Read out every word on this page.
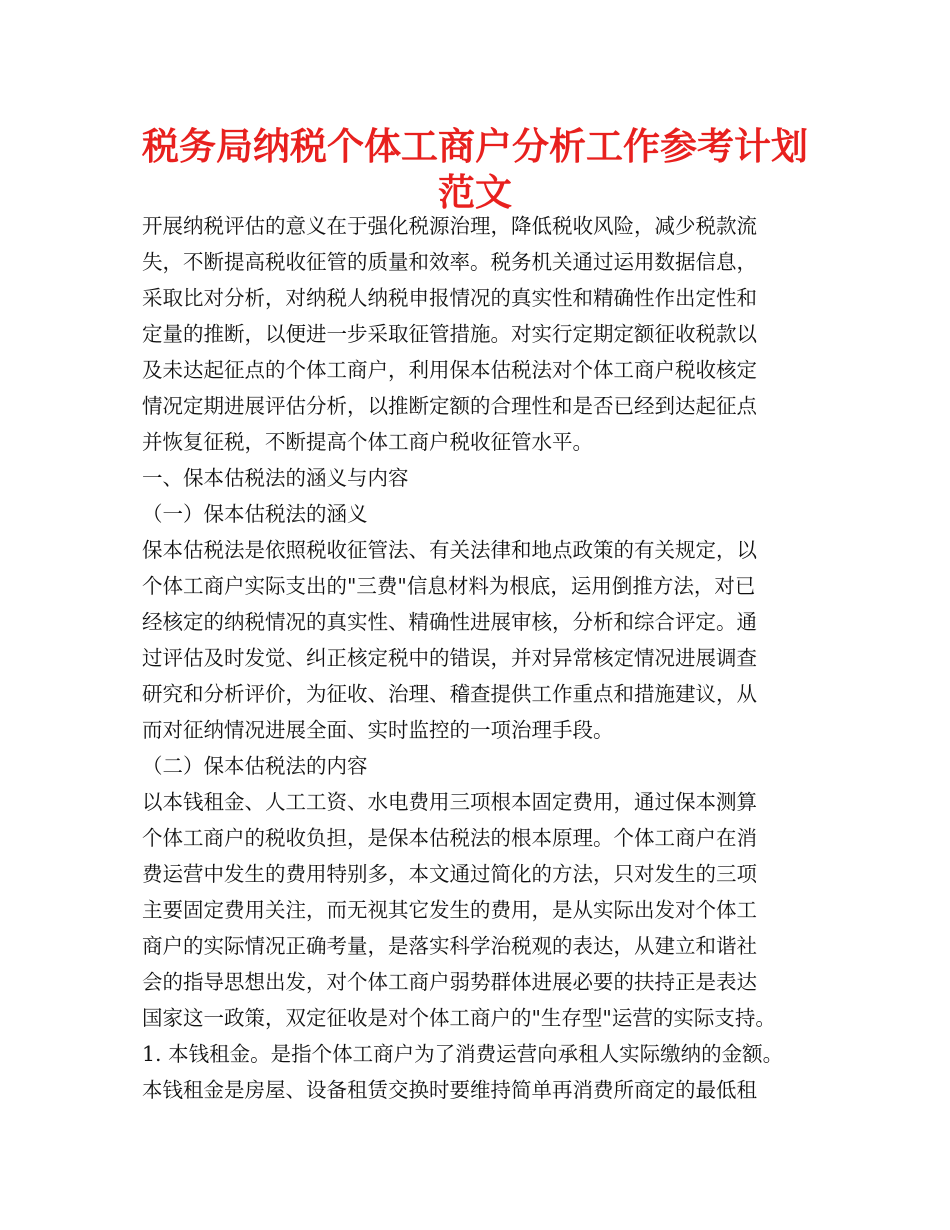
税务局纳税个体工商户分析工作参考计划
范文

开展纳税评估的意义在于强化税源治理，降低税收风险，减少税款流

失，不断提高税收征管的质量和效率。税务机关通过运用数据信息，

采取比对分析，对纳税人纳税申报情况的真实性和精确性作出定性和

定量的推断，以便进一步采取征管措施。对实行定期定额征收税款以

及未达起征点的个体工商户，利用保本估税法对个体工商户税收核定

情况定期进展评估分析，以推断定额的合理性和是否已经到达起征点

并恢复征税，不断提高个体工商户税收征管水平。

一、保本估税法的涵义与内容

（一）保本估税法的涵义

保本估税法是依照税收征管法、有关法律和地点政策的有关规定，以

个体工商户实际支出的"三费"信息材料为根底，运用倒推方法，对已

经核定的纳税情况的真实性、精确性进展审核，分析和综合评定。通

过评估及时发觉、纠正核定税中的错误，并对异常核定情况进展调查

研究和分析评价，为征收、治理、稽查提供工作重点和措施建议，从

而对征纳情况进展全面、实时监控的一项治理手段。

（二）保本估税法的内容

以本钱租金、人工工资、水电费用三项根本固定费用，通过保本测算

个体工商户的税收负担，是保本估税法的根本原理。个体工商户在消

费运营中发生的费用特别多，本文通过简化的方法，只对发生的三项

主要固定费用关注，而无视其它发生的费用，是从实际出发对个体工

商户的实际情况正确考量，是落实科学治税观的表达，从建立和谐社

会的指导思想出发，对个体工商户弱势群体进展必要的扶持正是表达

国家这一政策，双定征收是对个体工商户的"生存型"运营的实际支持。

1. 本钱租金。是指个体工商户为了消费运营向承租人实际缴纳的金额。

本钱租金是房屋、设备租赁交换时要维持简单再消费所商定的最低租
